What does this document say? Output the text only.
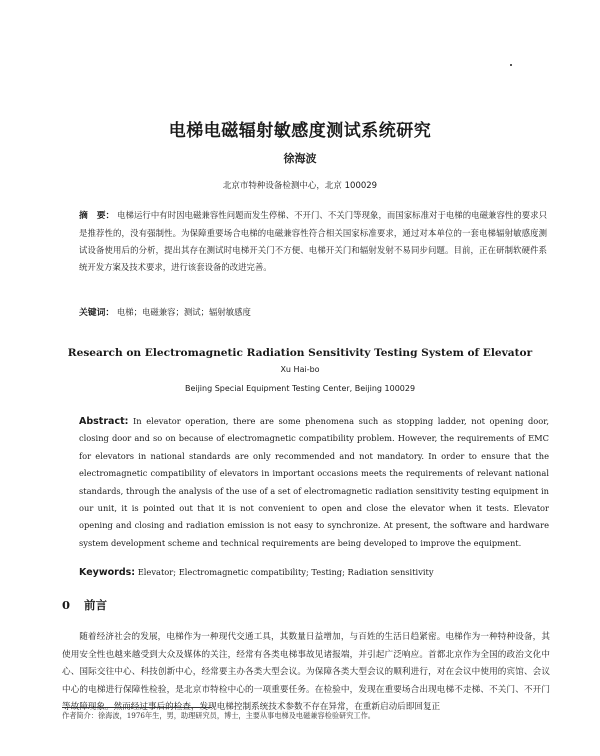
电梯电磁辐射敏感度测试系统研究
徐海波
北京市特种设备检测中心，北京 100029
摘　要： 电梯运行中有时因电磁兼容性问题而发生停梯、不开门、不关门等现象，而国家标准对于电梯的电磁兼容性的要求只是推荐性的，没有强制性。为保障重要场合电梯的电磁兼容性符合相关国家标准要求，通过对本单位的一套电梯辐射敏感度测试设备使用后的分析，提出其存在测试时电梯开关门不方便、电梯开关门和辐射发射不易同步问题。目前，正在研制软硬件系统开发方案及技术要求，进行该套设备的改进完善。
关键词： 电梯；电磁兼容；测试；辐射敏感度
Research on Electromagnetic Radiation Sensitivity Testing System of Elevator
Xu Hai-bo
Beijing Special Equipment Testing Center, Beijing 100029
Abstract: In elevator operation, there are some phenomena such as stopping ladder, not opening door, closing door and so on because of electromagnetic compatibility problem. However, the requirements of EMC for elevators in national standards are only recommended and not mandatory. In order to ensure that the electromagnetic compatibility of elevators in important occasions meets the requirements of relevant national standards, through the analysis of the use of a set of electromagnetic radiation sensitivity testing equipment in our unit, it is pointed out that it is not convenient to open and close the elevator when it tests. Elevator opening and closing and radiation emission is not easy to synchronize. At present, the software and hardware system development scheme and technical requirements are being developed to improve the equipment.
Keywords: Elevator; Electromagnetic compatibility; Testing; Radiation sensitivity
0 前言
随着经济社会的发展，电梯作为一种现代交通工具，其数量日益增加，与百姓的生活日趋紧密。电梯作为一种特种设备，其使用安全性也越来越受到大众及媒体的关注，经常有各类电梯事故见诸报端，并引起广泛响应。首都北京作为全国的政治文化中心、国际交往中心、科技创新中心，经常要主办各类大型会议。为保障各类大型会议的顺利进行，对在会议中使用的宾馆、会议中心的电梯进行保障性检验，是北京市特检中心的一项重要任务。在检验中，发现在重要场合出现电梯不走梯、不关门、不开门等故障现象。然而经过事后的检查，发现电梯控制系统技术参数不存在异常，在重新启动后即回复正
作者简介：徐海波，1976年生，男，助理研究员，博士，主要从事电梯及电磁兼容检验研究工作。
